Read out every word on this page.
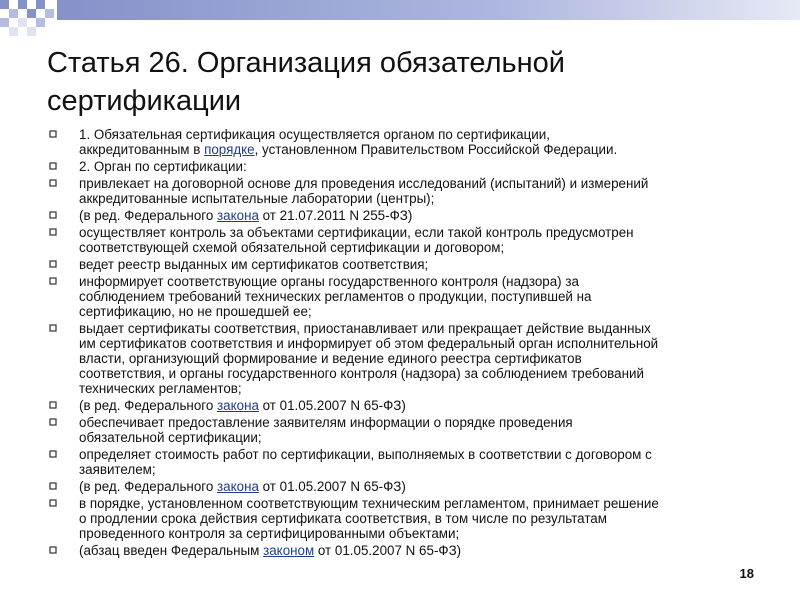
Статья 26. Организация обязательной
сертификации
1. Обязательная сертификация осуществляется органом по сертификации,
аккредитованным в порядке, установленном Правительством Российской Федерации.
2. Орган по сертификации:
привлекает на договорной основе для проведения исследований (испытаний) и измерений
аккредитованные испытательные лаборатории (центры);
(в ред. Федерального закона от 21.07.2011 N 255-ФЗ)
осуществляет контроль за объектами сертификации, если такой контроль предусмотрен
соответствующей схемой обязательной сертификации и договором;
ведет реестр выданных им сертификатов соответствия;
информирует соответствующие органы государственного контроля (надзора) за
соблюдением требований технических регламентов о продукции, поступившей на
сертификацию, но не прошедшей ее;
выдает сертификаты соответствия, приостанавливает или прекращает действие выданных
им сертификатов соответствия и информирует об этом федеральный орган исполнительной
власти, организующий формирование и ведение единого реестра сертификатов
соответствия, и органы государственного контроля (надзора) за соблюдением требований
технических регламентов;
(в ред. Федерального закона от 01.05.2007 N 65-ФЗ)
обеспечивает предоставление заявителям информации о порядке проведения
обязательной сертификации;
определяет стоимость работ по сертификации, выполняемых в соответствии с договором с
заявителем;
(в ред. Федерального закона от 01.05.2007 N 65-ФЗ)
в порядке, установленном соответствующим техническим регламентом, принимает решение
о продлении срока действия сертификата соответствия, в том числе по результатам
проведенного контроля за сертифицированными объектами;
(абзац введен Федеральным законом от 01.05.2007 N 65-ФЗ)
18
